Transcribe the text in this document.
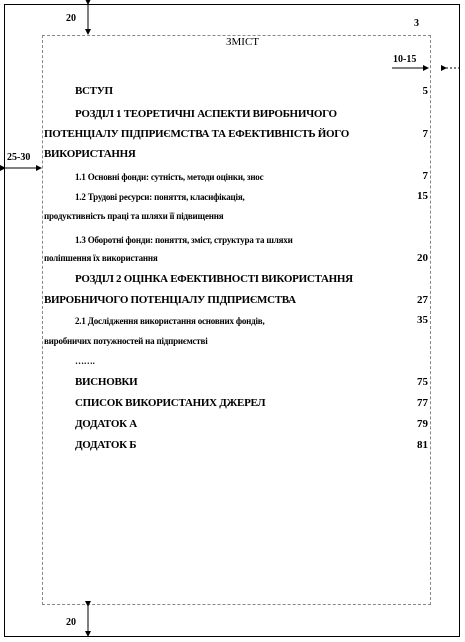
20
20
25-30
10-15
3
ЗМІСТ
ВСТУП	5
РОЗДІЛ 1 ТЕОРЕТИЧНІ АСПЕКТИ ВИРОБНИЧОГО
ПОТЕНЦІАЛУ ПІДПРИЄМСТВА ТА ЕФЕКТИВНІСТЬ ЙОГО
ВИКОРИСТАННЯ
7
1.1 Основні фонди: сутність, методи оцінки, знос	7
1.2 Трудові ресурси: поняття, класифікація,
продуктивність праці та шляхи її підвищення
15
1.3 Оборотні фонди: поняття, зміст, структура та шляхи
поліпшення їх використання	20
РОЗДІЛ 2 ОЦІНКА ЕФЕКТИВНОСТІ ВИКОРИСТАННЯ
ВИРОБНИЧОГО ПОТЕНЦІАЛУ ПІДПРИЄМСТВА	27
2.1 Дослідження використання основних фондів,
виробничих потужностей на підприємстві
35
…….
ВИСНОВКИ	75
СПИСОК ВИКОРИСТАНИХ ДЖЕРЕЛ	77
ДОДАТОК А	79
ДОДАТОК Б	81
